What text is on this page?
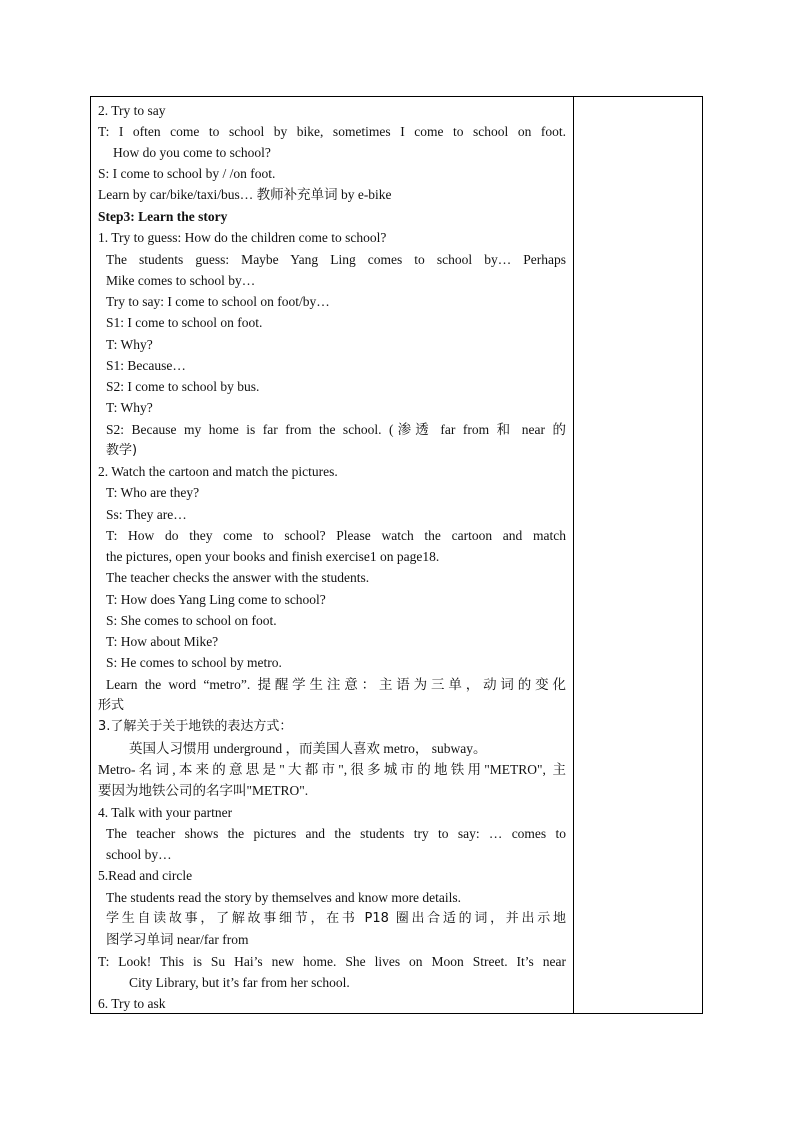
2. Try to say
T: I often come to school by bike, sometimes I come to school on foot.
How do you come to school?
S: I come to school by / /on foot.
Learn by car/bike/taxi/bus… 教师补充单词 by e-bike
Step3: Learn the story
1. Try to guess: How do the children come to school?
The students guess: Maybe Yang Ling comes to school by… Perhaps
Mike comes to school by…
Try to say: I come to school on foot/by…
S1: I come to school on foot.
T: Why?
S1: Because…
S2: I come to school by bus.
T: Why?
S2: Because my home is far from the school. (渗透 far from 和 near 的
教学)
2. Watch the cartoon and match the pictures.
T: Who are they?
Ss: They are…
T: How do they come to school? Please watch the cartoon and match
the pictures, open your books and finish exercise1 on page18.
The teacher checks the answer with the students.
T: How does Yang Ling come to school?
S: She comes to school on foot.
T: How about Mike?
S: He comes to school by metro.
Learn the word “metro”. 提醒学生注意：主语为三单，动词的变化
形式
3.了解关于关于地铁的表达方式：
英国人习惯用 underground ，而美国人喜欢 metro， subway。
Metro-名词,本来的意思是"大都市",很多城市的地铁用"METRO", 主
要因为地铁公司的名字叫"METRO".
4. Talk with your partner
The teacher shows the pictures and the students try to say: … comes to
school by…
5.Read and circle
The students read the story by themselves and know more details.
学生自读故事，了解故事细节，在书 P18 圈出合适的词，并出示地
图学习单词 near/far from
T: Look! This is Su Hai’s new home. She lives on Moon Street. It’s near
City Library, but it’s far from her school.
6. Try to ask
